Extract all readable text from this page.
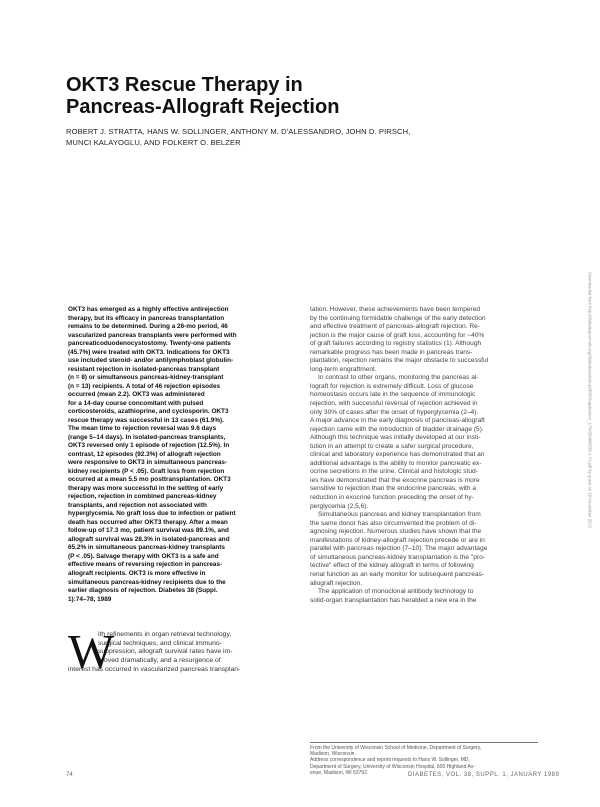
OKT3 Rescue Therapy in
Pancreas-Allograft Rejection
ROBERT J. STRATTA, HANS W. SOLLINGER, ANTHONY M. D'ALESSANDRO, JOHN D. PIRSCH,
MUNCI KALAYOGLU, AND FOLKERT O. BELZER
OKT3 has emerged as a highly effective antirejection
therapy, but its efficacy in pancreas transplantation
remains to be determined. During a 26-mo period, 46
vascularized pancreas transplants were performed with
pancreaticoduodenocystostomy. Twenty-one patients
(45.7%) were treated with OKT3. Indications for OKT3
use included steroid- and/or antilymphoblast globulin-
resistant rejection in isolated-pancreas transplant
(n = 8) or simultaneous pancreas-kidney-transplant
(n = 13) recipients. A total of 46 rejection episodes
occurred (mean 2.2). OKT3 was administered
for a 14-day course concomitant with pulsed
corticosteroids, azathioprine, and cyclosporin. OKT3
rescue therapy was successful in 13 cases (61.9%).
The mean time to rejection reversal was 9.6 days
(range 5–14 days). In isolated-pancreas transplants,
OKT3 reversed only 1 episode of rejection (12.5%). In
contrast, 12 episodes (92.3%) of allograft rejection
were responsive to OKT3 in simultaneous pancreas-
kidney recipients (P < .05). Graft loss from rejection
occurred at a mean 5.5 mo posttransplantation. OKT3
therapy was more successful in the setting of early
rejection, rejection in combined pancreas-kidney
transplants, and rejection not associated with
hyperglycemia. No graft loss due to infection or patient
death has occurred after OKT3 therapy. After a mean
follow-up of 17.3 mo, patient survival was 89.1%, and
allograft survival was 28.3% in isolated-pancreas and
65.2% in simultaneous pancreas-kidney transplants
(P < .05). Salvage therapy with OKT3 is a safe and
effective means of reversing rejection in pancreas-
allograft recipients. OKT3 is more effective in
simultaneous pancreas-kidney recipients due to the
earlier diagnosis of rejection. Diabetes 38 (Suppl.
1):74–78, 1989
W
ith refinements in organ retrieval technology,
surgical techniques, and clinical immuno-
suppression, allograft survival rates have im-
proved dramatically, and a resurgence of
interest has occurred in vascularized pancreas transplan-
tation. However, these achievements have been tempered
by the continuing formidable challenge of the early detection
and effective treatment of pancreas-allograft rejection. Re-
jection is the major cause of graft loss, accounting for ~40%
of graft failures according to registry statistics (1). Although
remarkable progress has been made in pancreas trans-
plantation, rejection remains the major obstacle to successful
long-term engraftment.
In contrast to other organs, monitoring the pancreas al-
lograft for rejection is extremely difficult. Loss of glucose
homeostasis occurs late in the sequence of immunologic
rejection, with successful reversal of rejection achieved in
only 30% of cases after the onset of hyperglycemia (2–4).
A major advance in the early diagnosis of pancreas-allograft
rejection came with the introduction of bladder drainage (5).
Although this technique was initially developed at our insti-
tution in an attempt to create a safer surgical procedure,
clinical and laboratory experience has demonstrated that an
additional advantage is the ability to monitor pancreatic ex-
ocrine secretions in the urine. Clinical and histologic stud-
ies have demonstrated that the exocrine pancreas is more
sensitive to rejection than the endocrine pancreas, with a
reduction in exocrine function preceding the onset of hy-
perglycemia (2,5,6).
Simultaneous pancreas and kidney transplantation from
the same donor has also circumvented the problem of di-
agnosing rejection. Numerous studies have shown that the
manifestations of kidney-allograft rejection precede or are in
parallel with pancreas rejection (7–10). The major advantage
of simultaneous pancreas-kidney transplantation is the "pro-
tective" effect of the kidney allograft in terms of following
renal function as an early monitor for subsequent pancreas-
allograft rejection.
The application of monoclonal antibody technology to
solid-organ transplantation has heralded a new era in the
From the University of Wisconsin School of Medicine, Department of Surgery,
Madison, Wisconsin.
Address correspondence and reprint requests to Hans W. Sollinger, MD,
Department of Surgery, University of Wisconsin Hospital, 600 Highland Av-
enue, Madison, WI 53792.
74	DIABETES, VOL. 38, SUPPL. 1, JANUARY 1989
Downloaded from http://diabetesjournals.org/diabetes/article-pdf/38/Supplement_1/74/359888/38-1-74.pdf by guest on 18 November 2022
